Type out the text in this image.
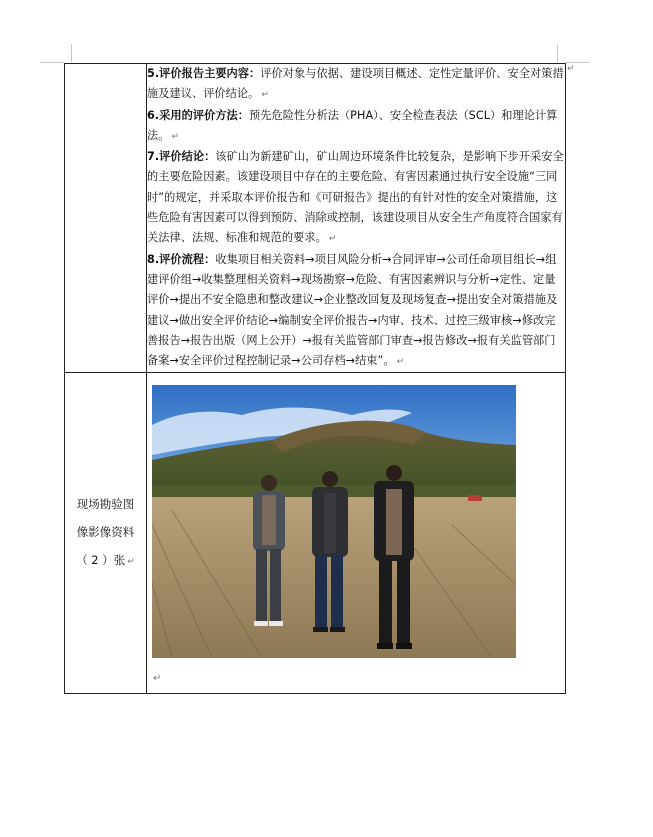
↵

	5.评价报告主要内容：评价对象与依据、建设项目概述、定性定量评价、安全对策措施及建议、评价结论。 ↵

6.采用的评价方法：预先危险性分析法（PHA）、安全检查表法（SCL）和理论计算法。 ↵

7.评价结论：该矿山为新建矿山，矿山周边环境条件比较复杂，是影响下步开采安全的主要危险因素。该建设项目中存在的主要危险、有害因素通过执行安全设施“三同时”的规定，并采取本评价报告和《可研报告》提出的有针对性的安全对策措施，这些危险有害因素可以得到预防、消除或控制，该建设项目从安全生产角度符合国家有关法律、法规、标准和规范的要求。 ↵

8.评价流程：收集项目相关资料→项目风险分析→合同评审→公司任命项目组长→组建评价组→收集整理相关资料→现场勘察→危险、有害因素辨识与分析→定性、定量评价→提出不安全隐患和整改建议→企业整改回复及现场复查→提出安全对策措施及建议→做出安全评价结论→编制安全评价报告→内审、技术、过控三级审核→修改完善报告→报告出版（网上公开）→报有关监管部门审查→报告修改→报有关监管部门备案→安全评价过程控制记录→公司存档→结束”。 ↵

现场勘验图
像影像资料
（ 2 ）张 ↵	↵
